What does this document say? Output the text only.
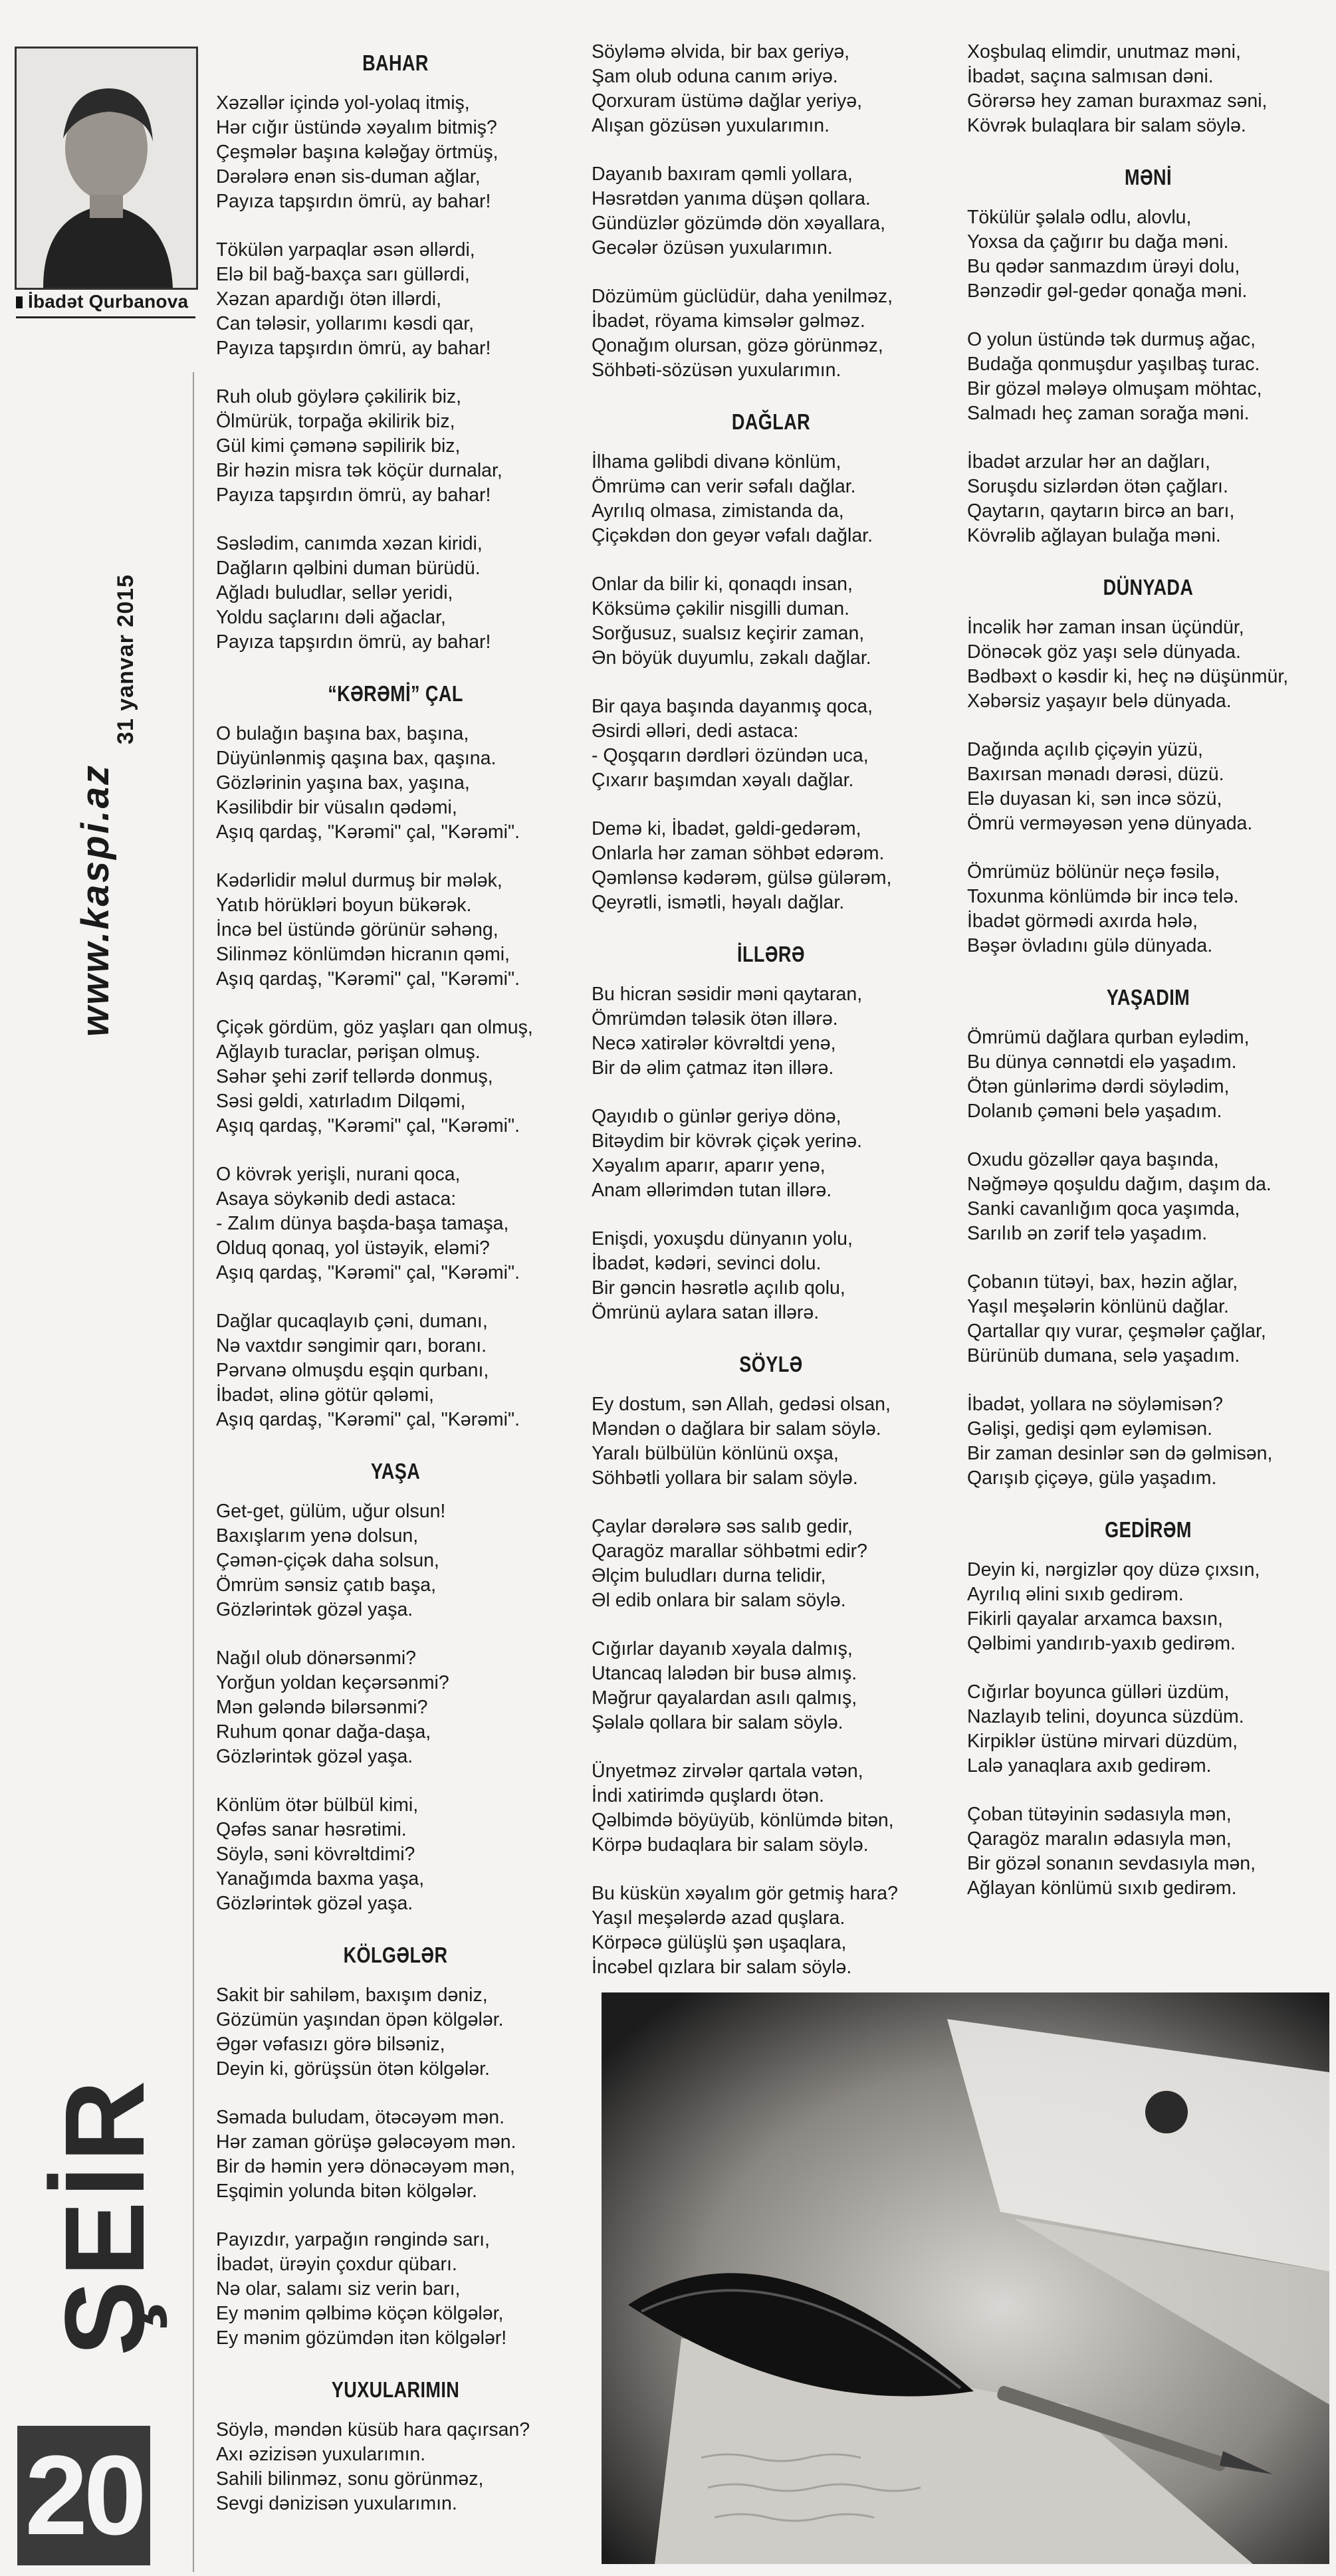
İbadət Qurbanova
31 yanvar 2015
www.kaspi.az
ŞEİR
20
BAHAR
Xəzəllər içində yol-yolaq itmiş,
Hər cığır üstündə xəyalım bitmiş?
Çeşmələr başına kələğay örtmüş,
Dərələrə enən sis-duman ağlar,
Payıza tapşırdın ömrü, ay bahar!
Tökülən yarpaqlar əsən əllərdi,
Elə bil bağ-baxça sarı güllərdi,
Xəzan apardığı ötən illərdi,
Can tələsir, yollarımı kəsdi qar,
Payıza tapşırdın ömrü, ay bahar!
Ruh olub göylərə çəkilirik biz,
Ölmürük, torpağa əkilirik biz,
Gül kimi çəmənə səpilirik biz,
Bir həzin misra tək köçür durnalar,
Payıza tapşırdın ömrü, ay bahar!
Səslədim, canımda xəzan kiridi,
Dağların qəlbini duman bürüdü.
Ağladı buludlar, sellər yeridi,
Yoldu saçlarını dəli ağaclar,
Payıza tapşırdın ömrü, ay bahar!
“KƏRƏMİ” ÇAL
O bulağın başına bax, başına,
Düyünlənmiş qaşına bax, qaşına.
Gözlərinin yaşına bax, yaşına,
Kəsilibdir bir vüsalın qədəmi,
Aşıq qardaş, "Kərəmi" çal, "Kərəmi".
Kədərlidir məlul durmuş bir mələk,
Yatıb hörükləri boyun bükərək.
İncə bel üstündə görünür səhəng,
Silinməz könlümdən hicranın qəmi,
Aşıq qardaş, "Kərəmi" çal, "Kərəmi".
Çiçək gördüm, göz yaşları qan olmuş,
Ağlayıb turaclar, pərişan olmuş.
Səhər şehi zərif tellərdə donmuş,
Səsi gəldi, xatırladım Dilqəmi,
Aşıq qardaş, "Kərəmi" çal, "Kərəmi".
O kövrək yerişli, nurani qoca,
Asaya söykənib dedi astaca:
- Zalım dünya başda-başa tamaşa,
Olduq qonaq, yol üstəyik, eləmi?
Aşıq qardaş, "Kərəmi" çal, "Kərəmi".
Dağlar qucaqlayıb çəni, dumanı,
Nə vaxtdır səngimir qarı, boranı.
Pərvanə olmuşdu eşqin qurbanı,
İbadət, əlinə götür qələmi,
Aşıq qardaş, "Kərəmi" çal, "Kərəmi".
YAŞA
Get-get, gülüm, uğur olsun!
Baxışlarım yenə dolsun,
Çəmən-çiçək daha solsun,
Ömrüm sənsiz çatıb başa,
Gözlərintək gözəl yaşa.
Nağıl olub dönərsənmi?
Yorğun yoldan keçərsənmi?
Mən gələndə bilərsənmi?
Ruhum qonar dağa-daşa,
Gözlərintək gözəl yaşa.
Könlüm ötər bülbül kimi,
Qəfəs sanar həsrətimi.
Söylə, səni kövrəltdimi?
Yanağımda baxma yaşa,
Gözlərintək gözəl yaşa.
KÖLGƏLƏR
Sakit bir sahiləm, baxışım dəniz,
Gözümün yaşından öpən kölgələr.
Əgər vəfasızı görə bilsəniz,
Deyin ki, görüşsün ötən kölgələr.
Səmada buludam, ötəcəyəm mən.
Hər zaman görüşə gələcəyəm mən.
Bir də həmin yerə dönəcəyəm mən,
Eşqimin yolunda bitən kölgələr.
Payızdır, yarpağın rəngində sarı,
İbadət, ürəyin çoxdur qübarı.
Nə olar, salamı siz verin barı,
Ey mənim qəlbimə köçən kölgələr,
Ey mənim gözümdən itən kölgələr!
YUXULARIMIN
Söylə, məndən küsüb hara qaçırsan?
Axı əzizisən yuxularımın.
Sahili bilinməz, sonu görünməz,
Sevgi dənizisən yuxularımın.
Söyləmə əlvida, bir bax geriyə,
Şam olub oduna canım əriyə.
Qorxuram üstümə dağlar yeriyə,
Alışan gözüsən yuxularımın.
Dayanıb baxıram qəmli yollara,
Həsrətdən yanıma düşən qollara.
Gündüzlər gözümdə dön xəyallara,
Gecələr özüsən yuxularımın.
Dözümüm güclüdür, daha yenilməz,
İbadət, röyama kimsələr gəlməz.
Qonağım olursan, gözə görünməz,
Söhbəti-sözüsən yuxularımın.
DAĞLAR
İlhama gəlibdi divanə könlüm,
Ömrümə can verir səfalı dağlar.
Ayrılıq olmasa, zimistanda da,
Çiçəkdən don geyər vəfalı dağlar.
Onlar da bilir ki, qonaqdı insan,
Köksümə çəkilir nisgilli duman.
Sorğusuz, sualsız keçirir zaman,
Ən böyük duyumlu, zəkalı dağlar.
Bir qaya başında dayanmış qoca,
Əsirdi əlləri, dedi astaca:
- Qoşqarın dərdləri özündən uca,
Çıxarır başımdan xəyalı dağlar.
Demə ki, İbadət, gəldi-gedərəm,
Onlarla hər zaman söhbət edərəm.
Qəmlənsə kədərəm, gülsə gülərəm,
Qeyrətli, ismətli, həyalı dağlar.
İLLƏRƏ
Bu hicran səsidir məni qaytaran,
Ömrümdən tələsik ötən illərə.
Necə xatirələr kövrəltdi yenə,
Bir də əlim çatmaz itən illərə.
Qayıdıb o günlər geriyə dönə,
Bitəydim bir kövrək çiçək yerinə.
Xəyalım aparır, aparır yenə,
Anam əllərimdən tutan illərə.
Enişdi, yoxuşdu dünyanın yolu,
İbadət, kədəri, sevinci dolu.
Bir gəncin həsrətlə açılıb qolu,
Ömrünü aylara satan illərə.
SÖYLƏ
Ey dostum, sən Allah, gedəsi olsan,
Məndən o dağlara bir salam söylə.
Yaralı bülbülün könlünü oxşa,
Söhbətli yollara bir salam söylə.
Çaylar dərələrə səs salıb gedir,
Qaragöz marallar söhbətmi edir?
Əlçim buludları durna telidir,
Əl edib onlara bir salam söylə.
Cığırlar dayanıb xəyala dalmış,
Utancaq lalədən bir busə almış.
Məğrur qayalardan asılı qalmış,
Şəlalə qollara bir salam söylə.
Ünyetməz zirvələr qartala vətən,
İndi xatirimdə quşlardı ötən.
Qəlbimdə böyüyüb, könlümdə bitən,
Körpə budaqlara bir salam söylə.
Bu küskün xəyalım gör getmiş hara?
Yaşıl meşələrdə azad quşlara.
Körpəcə gülüşlü şən uşaqlara,
İncəbel qızlara bir salam söylə.
Xoşbulaq elimdir, unutmaz məni,
İbadət, saçına salmısan dəni.
Görərsə hey zaman buraxmaz səni,
Kövrək bulaqlara bir salam söylə.
MƏNİ
Tökülür şəlalə odlu, alovlu,
Yoxsa da çağırır bu dağa məni.
Bu qədər sanmazdım ürəyi dolu,
Bənzədir gəl-gedər qonağa məni.
O yolun üstündə tək durmuş ağac,
Budağa qonmuşdur yaşılbaş turac.
Bir gözəl mələyə olmuşam möhtac,
Salmadı heç zaman sorağa məni.
İbadət arzular hər an dağları,
Soruşdu sizlərdən ötən çağları.
Qaytarın, qaytarın bircə an barı,
Kövrəlib ağlayan bulağa məni.
DÜNYADA
İncəlik hər zaman insan üçündür,
Dönəcək göz yaşı selə dünyada.
Bədbəxt o kəsdir ki, heç nə düşünmür,
Xəbərsiz yaşayır belə dünyada.
Dağında açılıb çiçəyin yüzü,
Baxırsan mənadı dərəsi, düzü.
Elə duyasan ki, sən incə sözü,
Ömrü verməyəsən yenə dünyada.
Ömrümüz bölünür neçə fəsilə,
Toxunma könlümdə bir incə telə.
İbadət görmədi axırda hələ,
Bəşər övladını gülə dünyada.
YAŞADIM
Ömrümü dağlara qurban eylədim,
Bu dünya cənnətdi elə yaşadım.
Ötən günlərimə dərdi söylədim,
Dolanıb çəməni belə yaşadım.
Oxudu gözəllər qaya başında,
Nəğməyə qoşuldu dağım, daşım da.
Sanki cavanlığım qoca yaşımda,
Sarılıb ən zərif telə yaşadım.
Çobanın tütəyi, bax, həzin ağlar,
Yaşıl meşələrin könlünü dağlar.
Qartallar qıy vurar, çeşmələr çağlar,
Bürünüb dumana, selə yaşadım.
İbadət, yollara nə söyləmisən?
Gəlişi, gedişi qəm eyləmisən.
Bir zaman desinlər sən də gəlmisən,
Qarışıb çiçəyə, gülə yaşadım.
GEDİRƏM
Deyin ki, nərgizlər qoy düzə çıxsın,
Ayrılıq əlini sıxıb gedirəm.
Fikirli qayalar arxamca baxsın,
Qəlbimi yandırıb-yaxıb gedirəm.
Cığırlar boyunca gülləri üzdüm,
Nazlayıb telini, doyunca süzdüm.
Kirpiklər üstünə mirvari düzdüm,
Lalə yanaqlara axıb gedirəm.
Çoban tütəyinin sədasıyla mən,
Qaragöz maralın ədasıyla mən,
Bir gözəl sonanın sevdasıyla mən,
Ağlayan könlümü sıxıb gedirəm.
